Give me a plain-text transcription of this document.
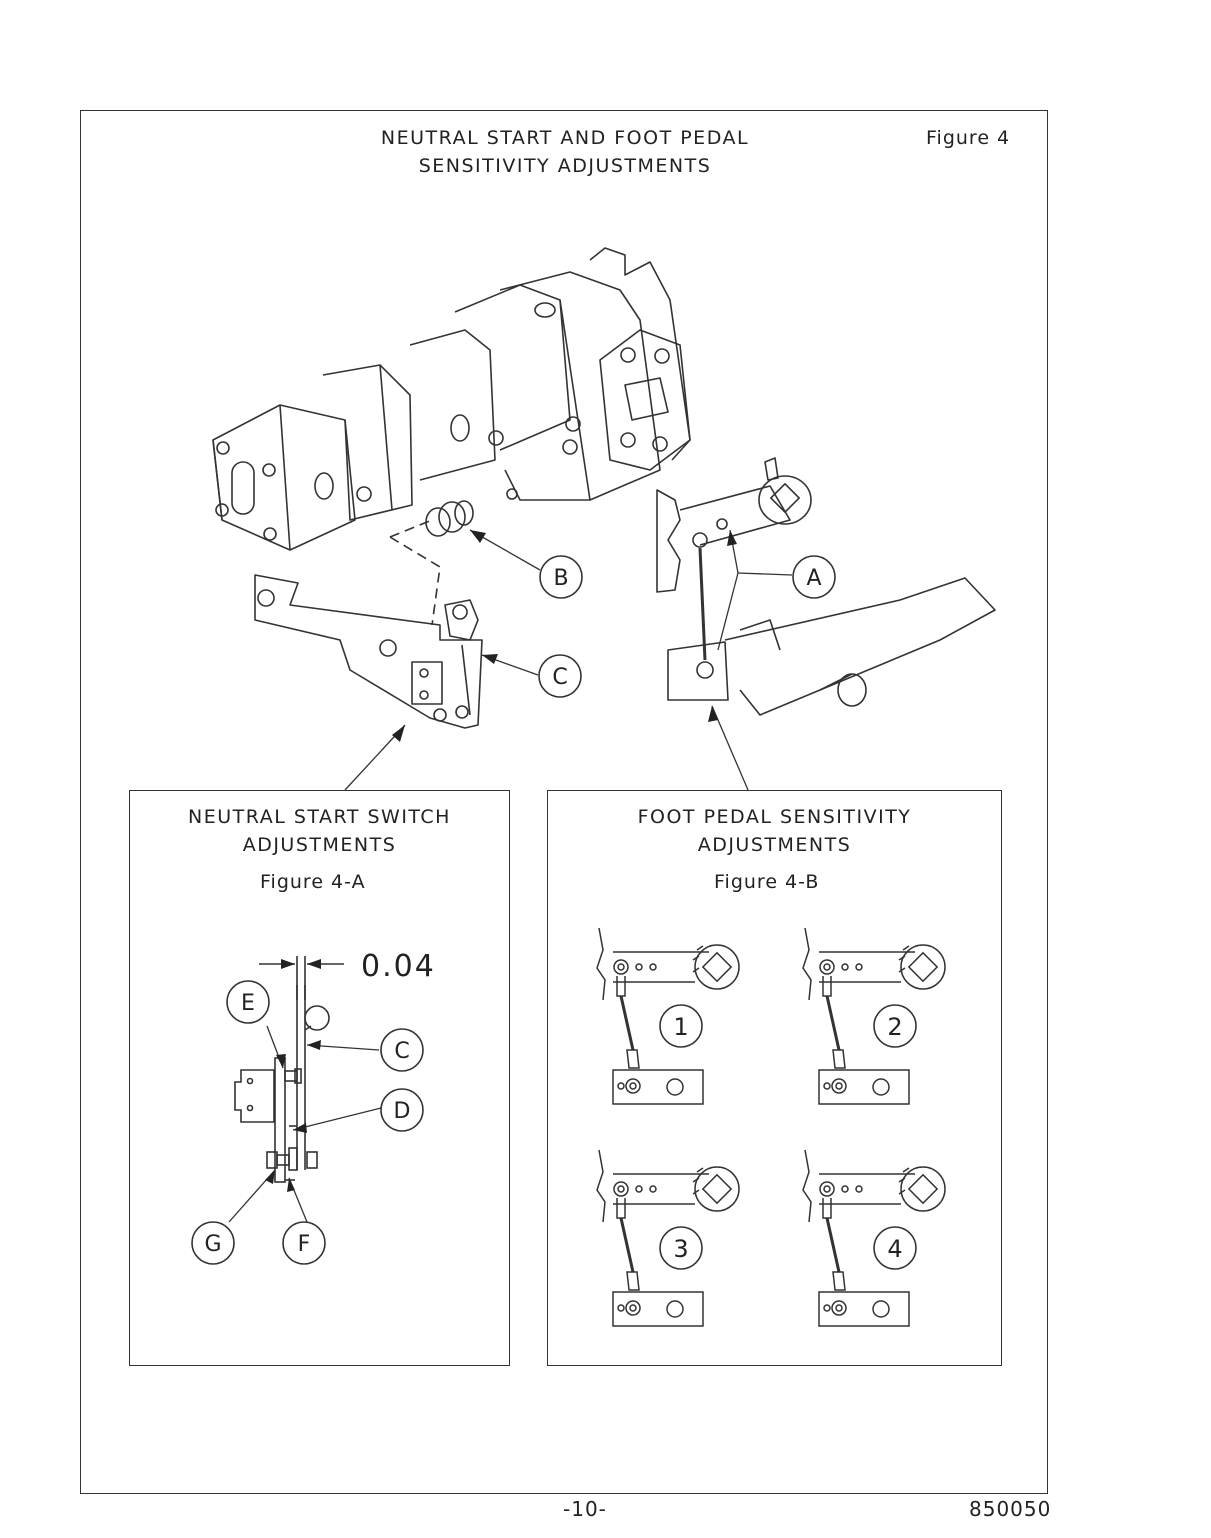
NEUTRAL START AND FOOT PEDAL
SENSITIVITY ADJUSTMENTS
Figure 4
B
C
A
NEUTRAL START SWITCH
ADJUSTMENTS
Figure 4-A
0.04
E
C
D
G	F
FOOT PEDAL SENSITIVITY
ADJUSTMENTS
Figure 4-B
1	2
3	4
-10-	850050
